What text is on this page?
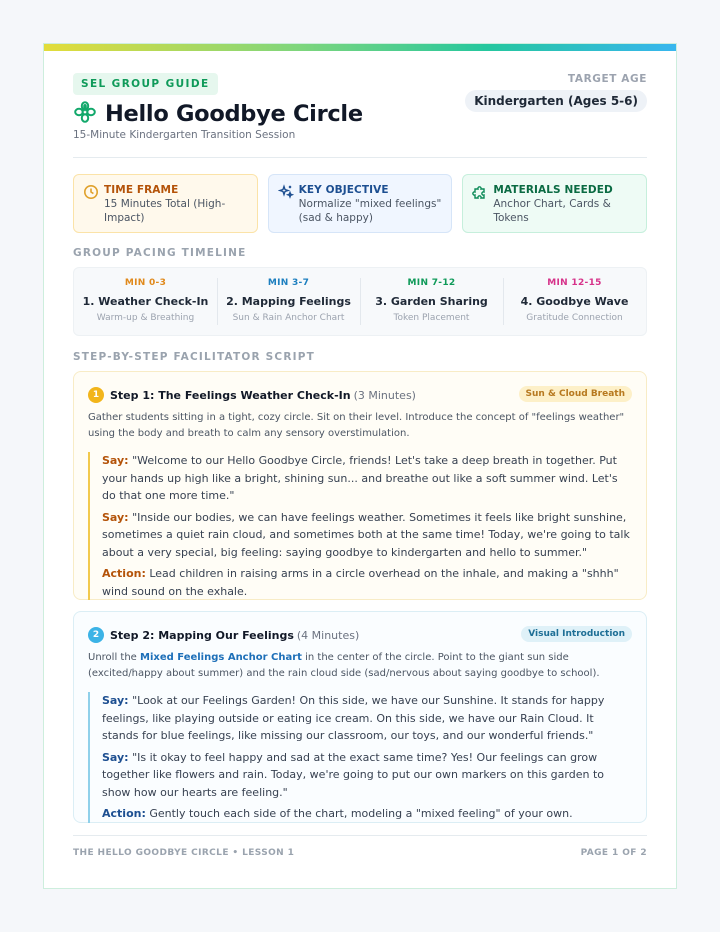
SEL GROUP GUIDE
Hello Goodbye Circle
15-Minute Kindergarten Transition Session
TARGET AGE
Kindergarten (Ages 5-6)
TIME FRAME
15 Minutes Total (High-Impact)
KEY OBJECTIVE
Normalize "mixed feelings" (sad & happy)
MATERIALS NEEDED
Anchor Chart, Cards & Tokens
GROUP PACING TIMELINE
MIN 0-3
1. Weather Check-In
Warm-up & Breathing
MIN 3-7
2. Mapping Feelings
Sun & Rain Anchor Chart
MIN 7-12
3. Garden Sharing
Token Placement
MIN 12-15
4. Goodbye Wave
Gratitude Connection
STEP-BY-STEP FACILITATOR SCRIPT
1 Step 1: The Feelings Weather Check-In (3 Minutes)	Sun & Cloud Breath

Gather students sitting in a tight, cozy circle. Sit on their level. Introduce the concept of "feelings weather" using the body and breath to calm any sensory overstimulation.

Say: "Welcome to our Hello Goodbye Circle, friends! Let's take a deep breath in together. Put your hands up high like a bright, shining sun... and breathe out like a soft summer wind. Let's do that one more time."

Say: "Inside our bodies, we can have feelings weather. Sometimes it feels like bright sunshine, sometimes a quiet rain cloud, and sometimes both at the same time! Today, we're going to talk about a very special, big feeling: saying goodbye to kindergarten and hello to summer."

Action: Lead children in raising arms in a circle overhead on the inhale, and making a "shhh" wind sound on the exhale.

2 Step 2: Mapping Our Feelings (4 Minutes)	Visual Introduction

Unroll the Mixed Feelings Anchor Chart in the center of the circle. Point to the giant sun side (excited/happy about summer) and the rain cloud side (sad/nervous about saying goodbye to school).

Say: "Look at our Feelings Garden! On this side, we have our Sunshine. It stands for happy feelings, like playing outside or eating ice cream. On this side, we have our Rain Cloud. It stands for blue feelings, like missing our classroom, our toys, and our wonderful friends."

Say: "Is it okay to feel happy and sad at the exact same time? Yes! Our feelings can grow together like flowers and rain. Today, we're going to put our own markers on this garden to show how our hearts are feeling."

Action: Gently touch each side of the chart, modeling a "mixed feeling" of your own.

THE HELLO GOODBYE CIRCLE • LESSON 1	PAGE 1 OF 2
